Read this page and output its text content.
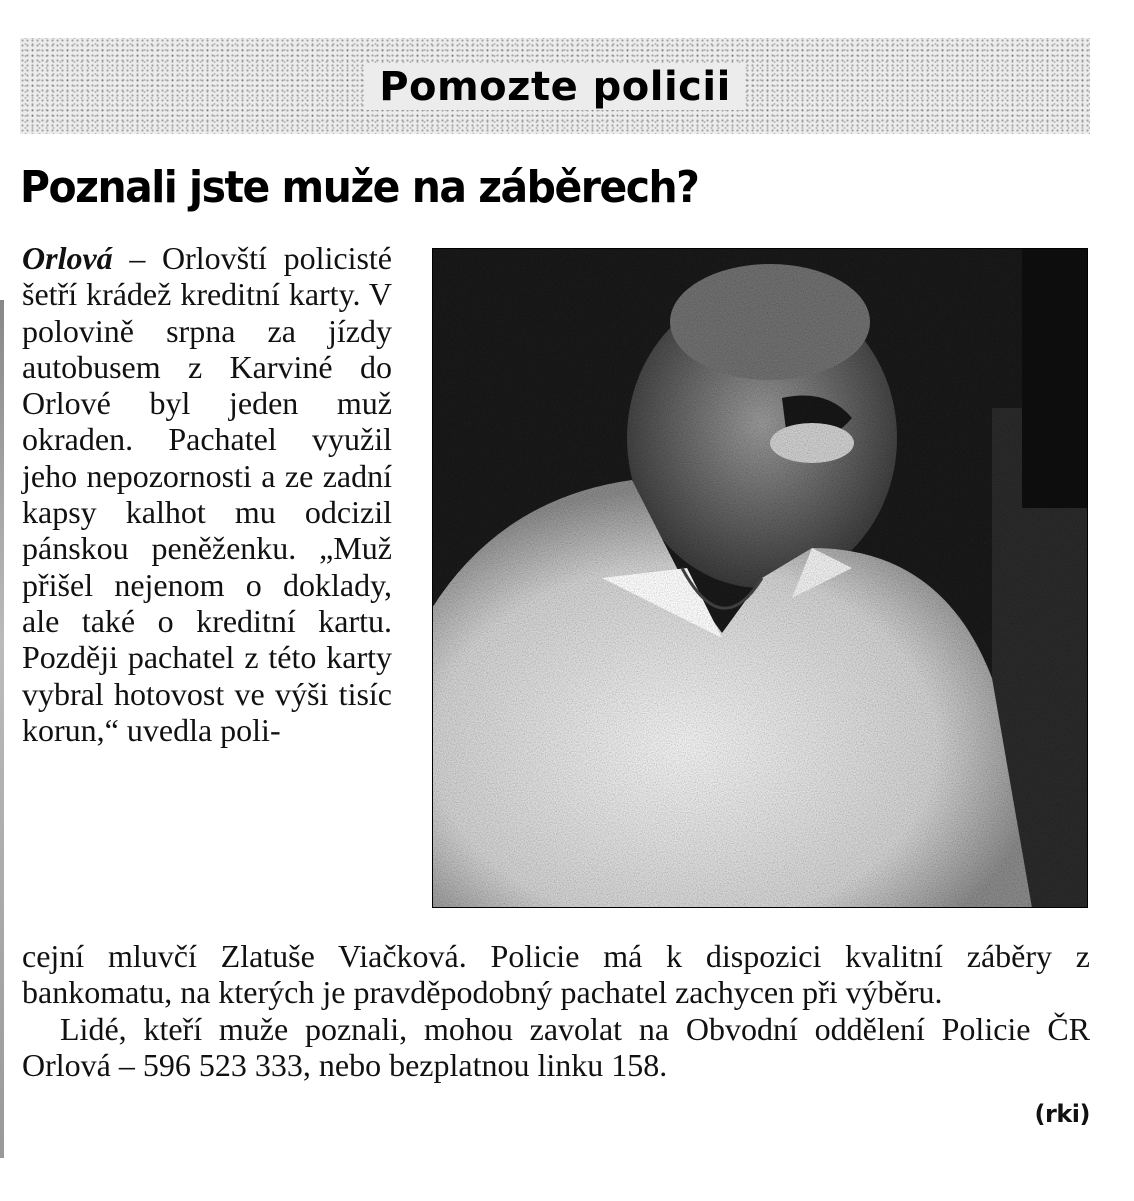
Pomozte policii
Poznali jste muže na záběrech?
Orlová – Orlovští policisté šetří krádež kreditní karty. V polovině srpna za jízdy autobusem z Karviné do Orlové byl jeden muž okraden. Pachatel využil jeho nepozornosti a ze zadní kapsy kalhot mu odcizil pánskou peněženku. „Muž přišel nejenom o doklady, ale také o kreditní kartu. Později pachatel z této karty vybral hotovost ve výši tisíc korun,“ uvedla poli-

cejní mluvčí Zlatuše Viačková. Policie má k dispozici kvalitní záběry z bankomatu, na kterých je pravděpodobný pachatel zachycen při výběru.

Lidé, kteří muže poznali, mohou zavolat na Obvodní oddělení Policie ČR Orlová – 596 523 333, nebo bezplatnou linku 158.

(rki)
